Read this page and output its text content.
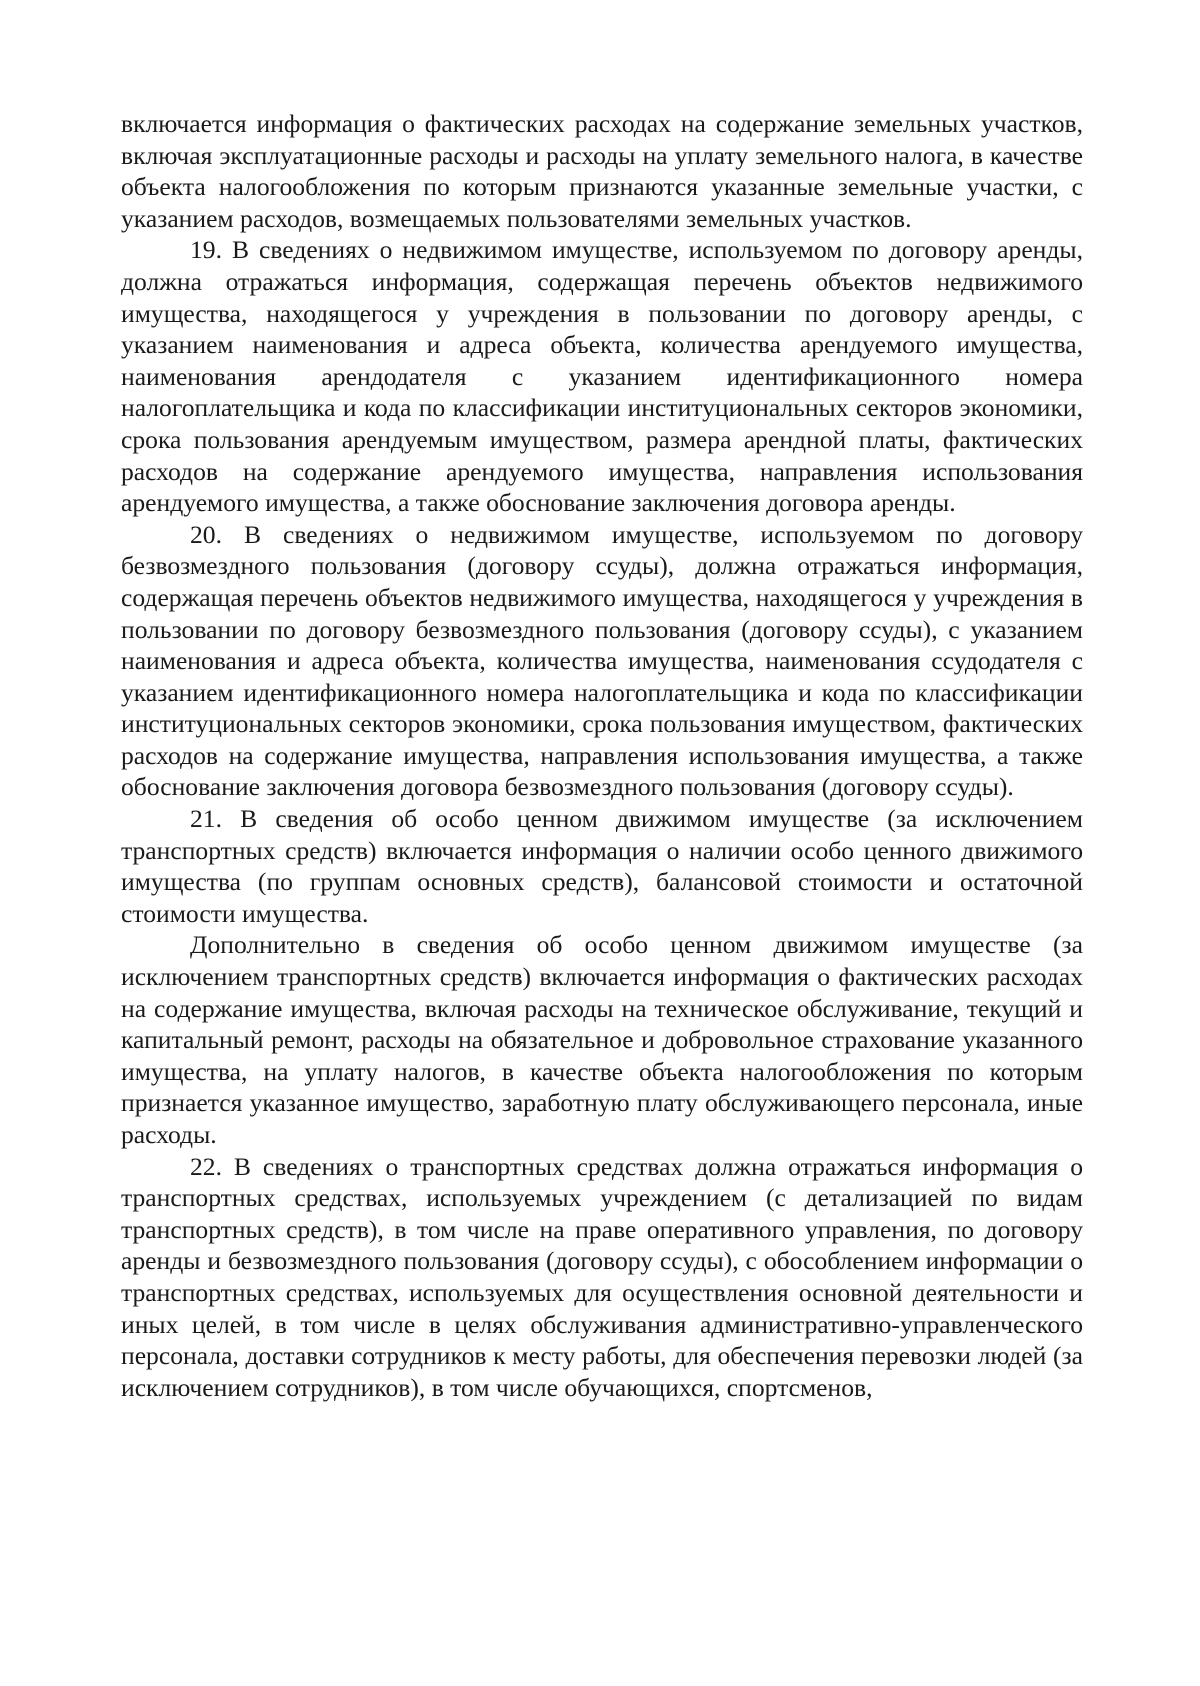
включается информация о фактических расходах на содержание земельных участков, включая эксплуатационные расходы и расходы на уплату земельного налога, в качестве объекта налогообложения по которым признаются указанные земельные участки, с указанием расходов, возмещаемых пользователями земельных участков.

19. В сведениях о недвижимом имуществе, используемом по договору аренды, должна отражаться информация, содержащая перечень объектов недвижимого имущества, находящегося у учреждения в пользовании по договору аренды, с указанием наименования и адреса объекта, количества арендуемого имущества, наименования арендодателя с указанием идентификационного номера налогоплательщика и кода по классификации институциональных секторов экономики, срока пользования арендуемым имуществом, размера арендной платы, фактических расходов на содержание арендуемого имущества, направления использования арендуемого имущества, а также обоснование заключения договора аренды.

20. В сведениях о недвижимом имуществе, используемом по договору безвозмездного пользования (договору ссуды), должна отражаться информация, содержащая перечень объектов недвижимого имущества, находящегося у учреждения в пользовании по договору безвозмездного пользования (договору ссуды), с указанием наименования и адреса объекта, количества имущества, наименования ссудодателя с указанием идентификационного номера налогоплательщика и кода по классификации институциональных секторов экономики, срока пользования имуществом, фактических расходов на содержание имущества, направления использования имущества, а также обоснование заключения договора безвозмездного пользования (договору ссуды).

21. В сведения об особо ценном движимом имуществе (за исключением транспортных средств) включается информация о наличии особо ценного движимого имущества (по группам основных средств), балансовой стоимости и остаточной стоимости имущества.

Дополнительно в сведения об особо ценном движимом имуществе (за исключением транспортных средств) включается информация о фактических расходах на содержание имущества, включая расходы на техническое обслуживание, текущий и капитальный ремонт, расходы на обязательное и добровольное страхование указанного имущества, на уплату налогов, в качестве объекта налогообложения по которым признается указанное имущество, заработную плату обслуживающего персонала, иные расходы.

22. В сведениях о транспортных средствах должна отражаться информация о транспортных средствах, используемых учреждением (с детализацией по видам транспортных средств), в том числе на праве оперативного управления, по договору аренды и безвозмездного пользования (договору ссуды), с обособлением информации о транспортных средствах, используемых для осуществления основной деятельности и иных целей, в том числе в целях обслуживания административно-управленческого персонала, доставки сотрудников к месту работы, для обеспечения перевозки людей (за исключением сотрудников), в том числе обучающихся, спортсменов,
